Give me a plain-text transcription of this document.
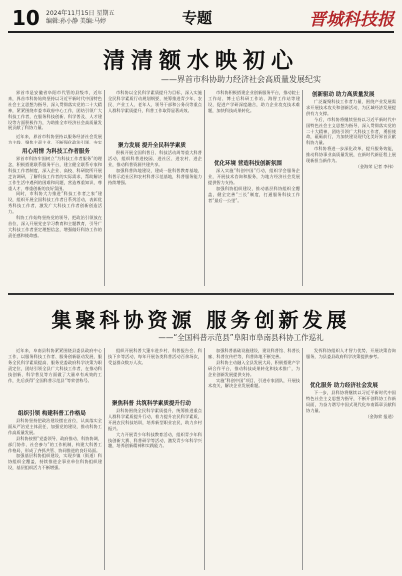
10 2024年11月15日 星期五
编辑:孙小静 美编:马婷	专题	晋城科技报
清清额水映初心
——界首市科协助力经济社会高质量发展纪实

界首市是安徽省阜阳市代管的县级市，近年来，界首市科协始终坚持以习近平新时代中国特色社会主义思想为指导，深入贯彻落实党的二十大精神，紧紧围绕市委市政府中心工作，团结引领广大科技工作者，在服务科技创新、科学普及、人才建设等方面积极作为，为助推全市经济社会高质量发展贡献了科协力量。

近年来，界首市科协坚持以服务经济社会发展为主线，聚焦主责主业，不断强化政治引领，夯实

用心用情 为科技工作者服务

界首市科协牢固树立“为科技工作者服务”的理念，积极搭建联系服务平台，建立健全联系专家和科技工作者制度，深入企业、高校、科研院所开展走访调研，了解科技工作者的实际需求，帮助解决工作生活中遇到的困难和问题，营造尊重知识、尊重人才、尊重创新的良好氛围。

同时，市科协大力推进“科技工作者之家”建设，组织开展全国科技工作者日系列活动，表彰优秀科技工作者，激发广大科技工作者创新创造活力。

科协工作始终坚持党的领导，把政治引领放在首位，深入开展党史学习教育和主题教育，引导广大科技工作者坚定理想信念，增强做好科协工作的责任感和使命感。

市科协以全民科学素质提升为目标，深入实施全民科学素质行动规划纲要，统筹推进青少年、农民、产业工人、老年人、领导干部和公务员等重点人群科学素质提升，科普工作取得显著成效。

聚力发展 提升全民科学素质

积极开展全国科普日、科技活动周等重大科普活动，组织科普进校园、进社区、进农村、进企业，推动科普资源共建共享。

加强科普阵地建设，建成一批科普教育基地、科普示范社区和农村科普示范基地，科普服务能力持续增强。

市科协积极搭建企业创新服务平台，推动院士工作站、博士后科研工作站、海智工作站等建设，促进产学研深度融合，助力企业攻克技术难题，加快科技成果转化。

优化环境 营造科技创新氛围

深入实施“科创中国”行动，组织学会服务企业，开展技术咨询和服务，为地方经济社会发展提供智力支持。

加强科协组织建设，推动基层科协组织全覆盖，健全完善“三长”制度，打通服务科技工作者“最后一公里”。

创新驱动 助力高质量发展

广泛凝聚科技工作者力量，围绕产业发展需求开展技术攻关和创新活动，为区域经济发展提供有力支撑。

今后，市科协将继续坚持以习近平新时代中国特色社会主义思想为指导，深入贯彻落实党的二十大精神，团结引领广大科技工作者，勇担使命，砥砺前行，为加快建设现代化美好界首贡献科协力量。

市科协将进一步深化改革，提升服务效能，推动科协事业高质量发展，在新时代新征程上展现新担当新作为。

（金海荣 记者 李伟）

集聚科协资源 服务创新发展
——“全国科普示范县”阜阳市阜南县科协工作巡礼

近年来，阜南县科协紧紧围绕县委县政府中心工作，以服务科技工作者、服务创新驱动发展、服务全民科学素质提高、服务党委政府科学决策为职责定位，团结引领全县广大科技工作者，在推动科技创新、科学普及等方面做了大量卓有成效的工作，先后获得“全国科普示范县”等荣誉称号。

组织引领 构建科普工作格局

县科协坚持把政治建设摆在首位，认真落实全面从严治党主体责任，加强党的建设，推动科协工作高质量发展。

县科协按照“党委领导、政府推动、科协协调、部门协作、社会参与”的工作机制，构建大科普工作格局，形成了齐抓共管、协同推进的良好局面。

加强基层科协组织建设，实现乡镇（街道）科协组织全覆盖，持续推进企事业单位科协组织建设，基层组织活力不断增强。

组织开展科普大篷车进乡村、科普报告会、科技下乡等活动，每年开展各类科普活动百余场次，受益群众数万人次。

聚焦科普 共筑科学素质提升行动

县科协围绕全民科学素质提升，统筹推进重点人群科学素质提升行动，着力提升农民科学素质，开展农民科技培训，培养新型职业农民，助力乡村振兴。

大力开展青少年科技教育活动，组织青少年科技创新大赛、科普研学等活动，激发青少年科学兴趣，培养创新精神和实践能力。

加强科普基础设施建设，建设科普馆、科普长廊、科普宣传栏等，科普阵地不断完善。

县科协主动融入全县发展大局，积极搭建产学研合作平台，推动科技成果转化和技术推广，为企业创新发展提供支持。

实施“科创中国”项目，引进专家团队，开展技术攻关，解决企业发展难题。

发挥科协组织人才智力优势，开展决策咨询服务，为县委县政府科学决策提供参考。

优化服务 助力经济社会发展

下一步，县科协将继续以习近平新时代中国特色社会主义思想为指导，不断开创科协工作新局面，为奋力谱写中国式现代化阜南篇章贡献科协力量。

（金海荣 报道）
